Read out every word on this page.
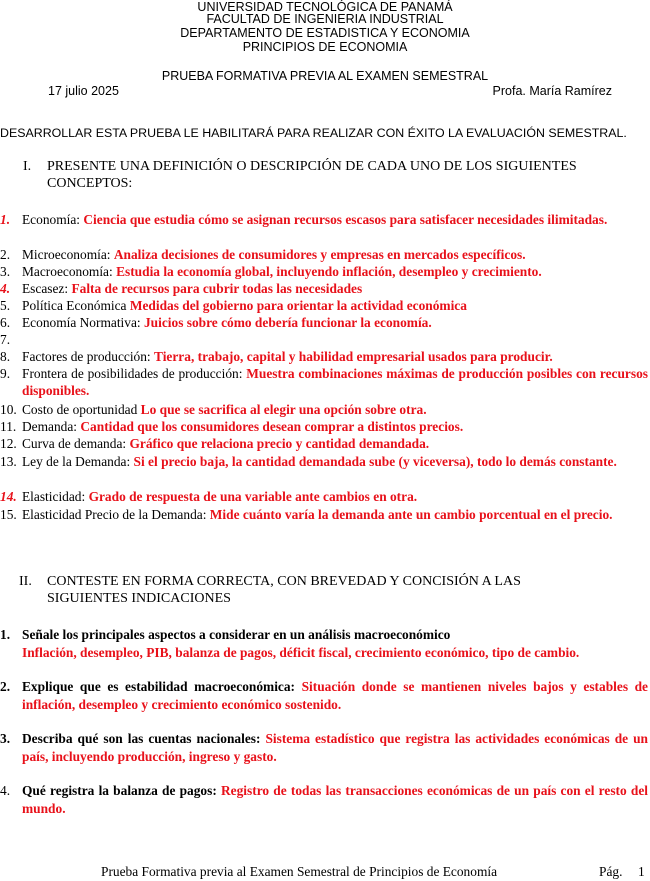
UNIVERSIDAD TECNOLÓGICA DE PANAMÁ
FACULTAD DE INGENIERIA INDUSTRIAL
DEPARTAMENTO DE ESTADISTICA Y ECONOMIA
PRINCIPIOS DE ECONOMIA
PRUEBA FORMATIVA PREVIA AL EXAMEN SEMESTRAL
17 julio 2025	Profa. María Ramírez
DESARROLLAR ESTA PRUEBA LE HABILITARÁ PARA REALIZAR CON ÉXITO LA EVALUACIÓN SEMESTRAL.
I. PRESENTE UNA DEFINICIÓN O DESCRIPCIÓN DE CADA UNO DE LOS SIGUIENTES
CONCEPTOS:
1. Economía: Ciencia que estudia cómo se asignan recursos escasos para satisfacer necesidades ilimitadas.
2. Microeconomía: Analiza decisiones de consumidores y empresas en mercados específicos.
3. Macroeconomía: Estudia la economía global, incluyendo inflación, desempleo y crecimiento.
4. Escasez: Falta de recursos para cubrir todas las necesidades
5. Política Económica Medidas del gobierno para orientar la actividad económica
6. Economía Normativa: Juicios sobre cómo debería funcionar la economía.
7.
8. Factores de producción: Tierra, trabajo, capital y habilidad empresarial usados para producir.
9. Frontera de posibilidades de producción: Muestra combinaciones máximas de producción posibles con recursos disponibles.
10. Costo de oportunidad Lo que se sacrifica al elegir una opción sobre otra.
11. Demanda: Cantidad que los consumidores desean comprar a distintos precios.
12. Curva de demanda: Gráfico que relaciona precio y cantidad demandada.
13. Ley de la Demanda: Si el precio baja, la cantidad demandada sube (y viceversa), todo lo demás constante.
14. Elasticidad: Grado de respuesta de una variable ante cambios en otra.
15. Elasticidad Precio de la Demanda: Mide cuánto varía la demanda ante un cambio porcentual en el precio.
II. CONTESTE EN FORMA CORRECTA, CON BREVEDAD Y CONCISIÓN A LAS
SIGUIENTES INDICACIONES
1. Señale los principales aspectos a considerar en un análisis macroeconómico
Inflación, desempleo, PIB, balanza de pagos, déficit fiscal, crecimiento económico, tipo de cambio.
2. Explique que es estabilidad macroeconómica: Situación donde se mantienen niveles bajos y estables de inflación, desempleo y crecimiento económico sostenido.
3. Describa qué son las cuentas nacionales: Sistema estadístico que registra las actividades económicas de un país, incluyendo producción, ingreso y gasto.
4. Qué registra la balanza de pagos: Registro de todas las transacciones económicas de un país con el resto del mundo.
Prueba Formativa previa al Examen Semestral de Principios de Economía	Pág. 1
